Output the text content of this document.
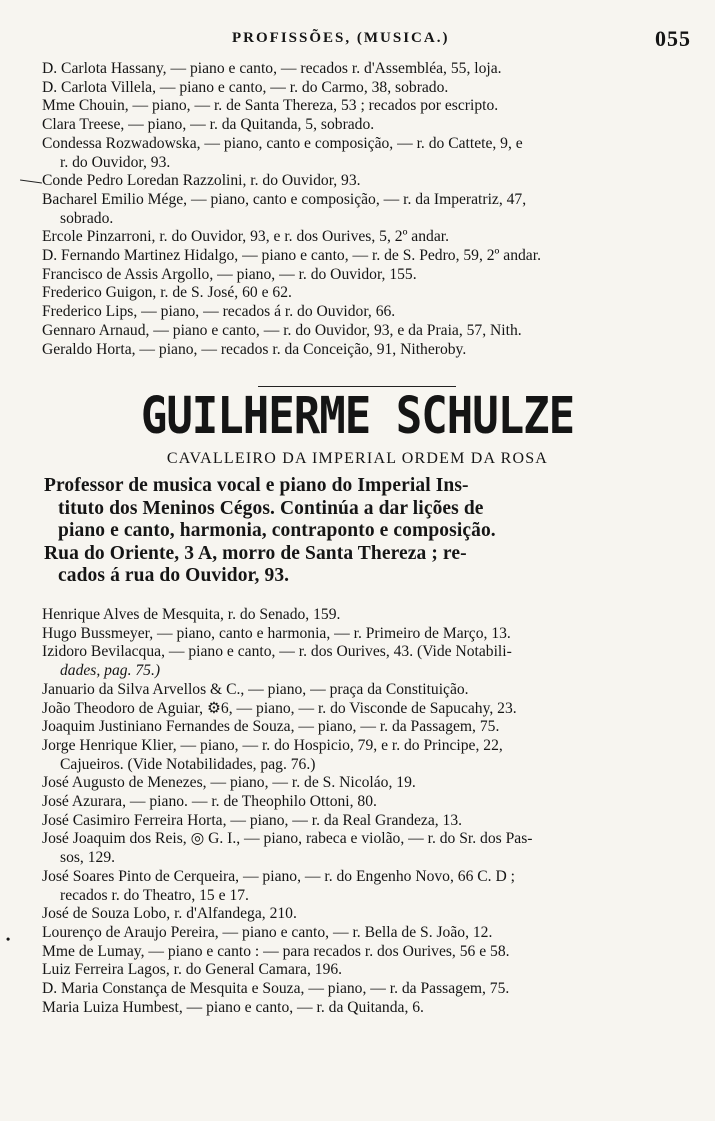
PROFISSÕES, (MUSICA.)	055

D. Carlota Hassany, — piano e canto, — recados r. d'Assembléa, 55, loja.

D. Carlota Villela, — piano e canto, — r. do Carmo, 38, sobrado.

Mme Chouin, — piano, — r. de Santa Thereza, 53 ; recados por escripto.

Clara Treese, — piano, — r. da Quitanda, 5, sobrado.

Condessa Rozwadowska, — piano, canto e composição, — r. do Cattete, 9, e
r. do Ouvidor, 93.

Conde Pedro Loredan Razzolini, r. do Ouvidor, 93.

Bacharel Emilio Mége, — piano, canto e composição, — r. da Imperatriz, 47,
sobrado.

Ercole Pinzarroni, r. do Ouvidor, 93, e r. dos Ourives, 5, 2º andar.

D. Fernando Martinez Hidalgo, — piano e canto, — r. de S. Pedro, 59, 2º andar.

Francisco de Assis Argollo, — piano, — r. do Ouvidor, 155.

Frederico Guigon, r. de S. José, 60 e 62.

Frederico Lips, — piano, — recados á r. do Ouvidor, 66.

Gennaro Arnaud, — piano e canto, — r. do Ouvidor, 93, e da Praia, 57, Nith.

Geraldo Horta, — piano, — recados r. da Conceição, 91, Nitheroby.

GUILHERME SCHULZE
CAVALLEIRO DA IMPERIAL ORDEM DA ROSA
Professor de musica vocal e piano do Imperial Ins-
tituto dos Meninos Cégos. Continúa a dar lições de
piano e canto, harmonia, contraponto e composição.
Rua do Oriente, 3 A, morro de Santa Thereza ; re-
cados á rua do Ouvidor, 93.

Henrique Alves de Mesquita, r. do Senado, 159.

Hugo Bussmeyer, — piano, canto e harmonia, — r. Primeiro de Março, 13.

Izidoro Bevilacqua, — piano e canto, — r. dos Ourives, 43. (Vide Notabili-
dades, pag. 75.)

Januario da Silva Arvellos & C., — piano, — praça da Constituição.

João Theodoro de Aguiar, ⚙6, — piano, — r. do Visconde de Sapucahy, 23.

Joaquim Justiniano Fernandes de Souza, — piano, — r. da Passagem, 75.

Jorge Henrique Klier, — piano, — r. do Hospicio, 79, e r. do Principe, 22,
Cajueiros. (Vide Notabilidades, pag. 76.)

José Augusto de Menezes, — piano, — r. de S. Nicoláo, 19.

José Azurara, — piano. — r. de Theophilo Ottoni, 80.

José Casimiro Ferreira Horta, — piano, — r. da Real Grandeza, 13.

José Joaquim dos Reis, ◎ G. I., — piano, rabeca e violão, — r. do Sr. dos Pas-
sos, 129.

José Soares Pinto de Cerqueira, — piano, — r. do Engenho Novo, 66 C. D ;
recados r. do Theatro, 15 e 17.

José de Souza Lobo, r. d'Alfandega, 210.

Lourenço de Araujo Pereira, — piano e canto, — r. Bella de S. João, 12.

Mme de Lumay, — piano e canto : — para recados r. dos Ourives, 56 e 58.

Luiz Ferreira Lagos, r. do General Camara, 196.

D. Maria Constança de Mesquita e Souza, — piano, — r. da Passagem, 75.

Maria Luiza Humbest, — piano e canto, — r. da Quitanda, 6.

•
